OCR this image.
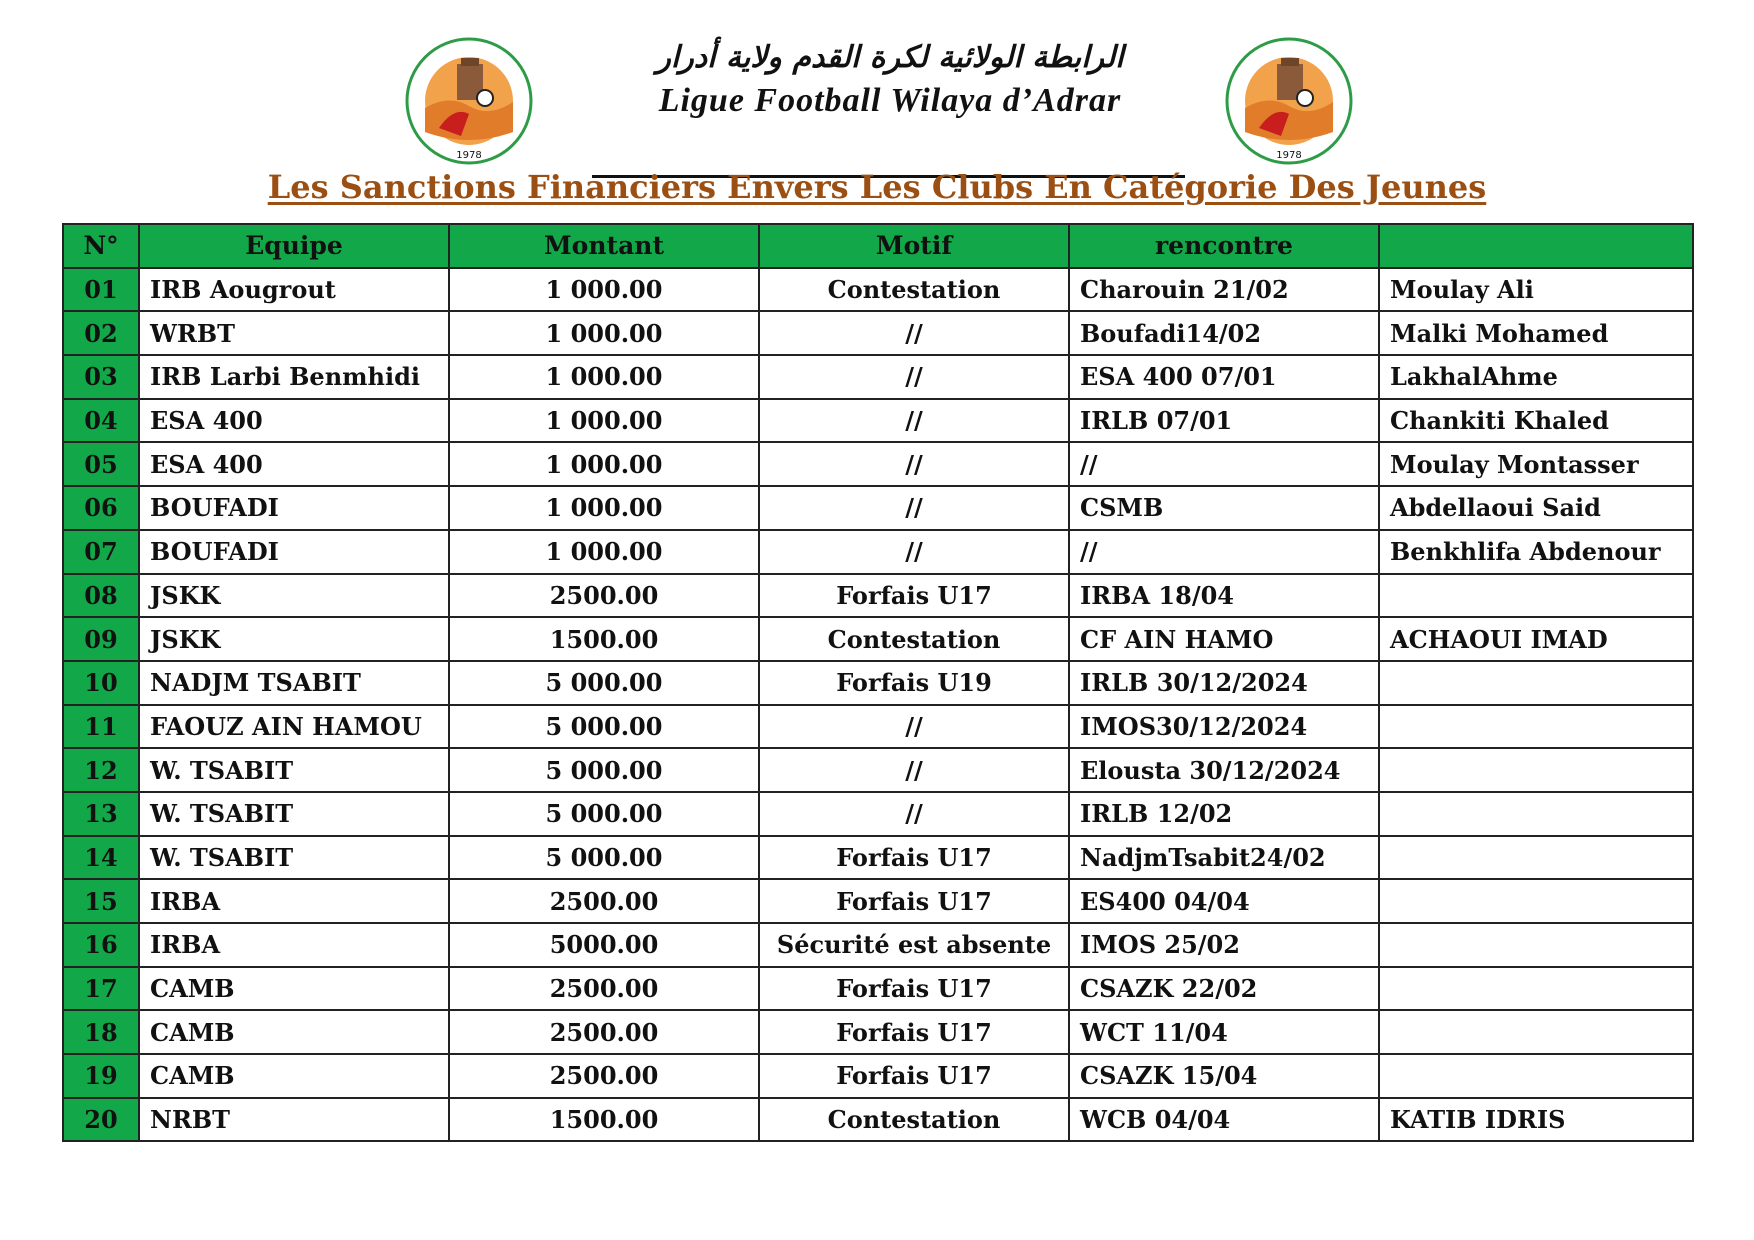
1978
الرابطة الولائية لكرة القدم ولاية أدرار
Ligue Football Wilaya d’Adrar
1978
Les Sanctions Financiers Envers Les Clubs En Catégorie Des Jeunes
N°	Equipe	Montant	Motif	rencontre	
01	IRB Aougrout	1 000.00	Contestation	Charouin 21/02	Moulay Ali
02	WRBT	1 000.00	//	Boufadi14/02	Malki Mohamed
03	IRB Larbi Benmhidi	1 000.00	//	ESA 400 07/01	LakhalAhme
04	ESA 400	1 000.00	//	IRLB 07/01	Chankiti Khaled
05	ESA 400	1 000.00	//	//	Moulay Montasser
06	BOUFADI	1 000.00	//	CSMB	Abdellaoui Said
07	BOUFADI	1 000.00	//	//	Benkhlifa Abdenour
08	JSKK	2500.00	Forfais U17	IRBA 18/04	
09	JSKK	1500.00	Contestation	CF AIN HAMO	ACHAOUI IMAD
10	NADJM TSABIT	5 000.00	Forfais U19	IRLB 30/12/2024	
11	FAOUZ AIN HAMOU	5 000.00	//	IMOS30/12/2024	
12	W. TSABIT	5 000.00	//	Elousta 30/12/2024	
13	W. TSABIT	5 000.00	//	IRLB 12/02	
14	W. TSABIT	5 000.00	Forfais U17	NadjmTsabit24/02	
15	IRBA	2500.00	Forfais U17	ES400 04/04	
16	IRBA	5000.00	Sécurité est absente	IMOS 25/02	
17	CAMB	2500.00	Forfais U17	CSAZK 22/02	
18	CAMB	2500.00	Forfais U17	WCT 11/04	
19	CAMB	2500.00	Forfais U17	CSAZK 15/04	
20	NRBT	1500.00	Contestation	WCB 04/04	KATIB IDRIS
